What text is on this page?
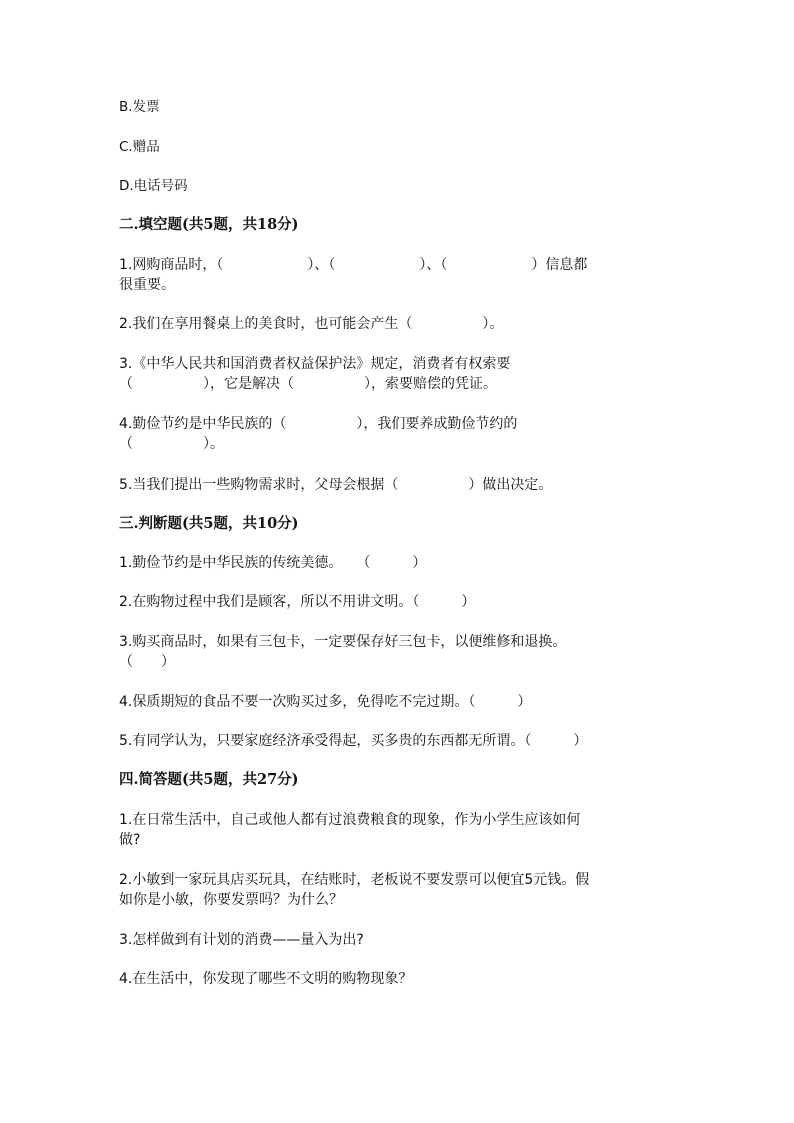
B.发票

C.赠品

D.电话号码

二.填空题(共5题，共18分)

1.网购商品时，（　　　　　　）、（　　　　　　）、（　　　　　　）信息都

很重要。

2.我们在享用餐桌上的美食时，也可能会产生（　　　　　）。

3.《中华人民共和国消费者权益保护法》规定，消费者有权索要

（　　　　　），它是解决（　　　　　），索要赔偿的凭证。

4.勤俭节约是中华民族的（　　　　　），我们要养成勤俭节约的

（　　　　　）。

5.当我们提出一些购物需求时，父母会根据（　　　　　）做出决定。

三.判断题(共5题，共10分)

1.勤俭节约是中华民族的传统美德。　　（　　　）

2.在购物过程中我们是顾客，所以不用讲文明。（　　　）

3.购买商品时，如果有三包卡，一定要保存好三包卡，以便维修和退换。

（　　）

4.保质期短的食品不要一次购买过多，免得吃不完过期。（　　　）

5.有同学认为，只要家庭经济承受得起，买多贵的东西都无所谓。（　　　）

四.简答题(共5题，共27分)

1.在日常生活中，自己或他人都有过浪费粮食的现象，作为小学生应该如何

做?

2.小敏到一家玩具店买玩具，在结账时，老板说不要发票可以便宜5元钱。假

如你是小敏，你要发票吗？为什么？

3.怎样做到有计划的消费——量入为出?

4.在生活中，你发现了哪些不文明的购物现象？
